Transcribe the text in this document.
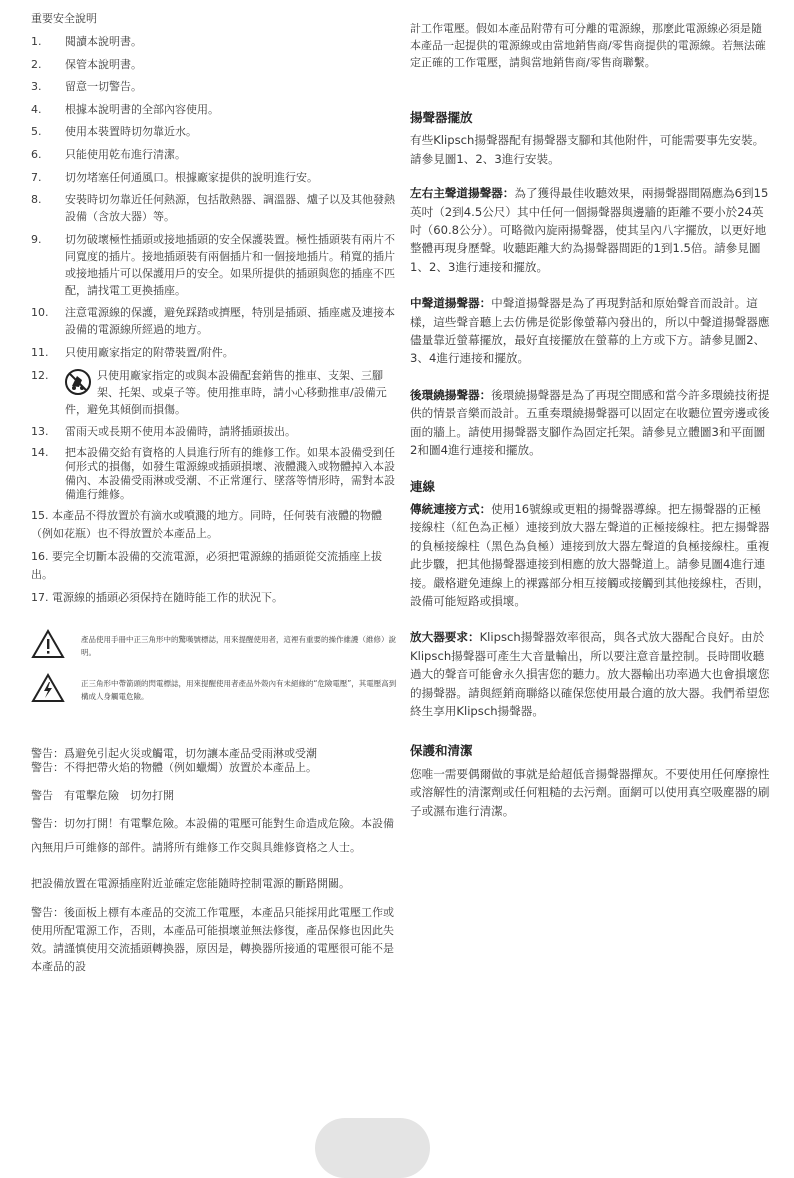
重要安全說明
1.	閱讀本說明書。
2.	保管本說明書。
3.	留意一切警告。
4.	根據本說明書的全部內容使用。
5.	使用本裝置時切勿靠近水。
6.	只能使用乾布進行清潔。
7.	切勿堵塞任何通風口。根據廠家提供的說明進行安。
8.	安裝時切勿靠近任何熱源，包括散熱器、調溫器、爐子以及其他發熱設備（含放大器）等。
9.	切勿破壞極性插頭或接地插頭的安全保護裝置。極性插頭裝有兩片不同寬度的插片。接地插頭裝有兩個插片和一個接地插片。稍寬的插片或接地插片可以保護用戶的安全。如果所提供的插頭與您的插座不匹配，請找電工更換插座。
10.	注意電源線的保護，避免踩踏或擠壓，特別是插頭、插座處及連接本設備的電源線所經過的地方。
11.	只使用廠家指定的附帶裝置/附件。
12.	只使用廠家指定的或與本設備配套銷售的推車、支架、三腳架、托架、或桌子等。使用推車時，請小心移動推車/設備元件，避免其傾倒而損傷。
13.	雷雨天或長期不使用本設備時，請將插頭拔出。
14.	把本設備交給有資格的人員進行所有的維修工作。如果本設備受到任何形式的損傷，如發生電源線或插頭損壞、液體濺入或物體掉入本設備內、本設備受雨淋或受潮、不正常運行、墜落等情形時，需對本設備進行維修。

15. 本產品不得放置於有滴水或噴濺的地方。同時，任何裝有液體的物體（例如花瓶）也不得放置於本產品上。

16. 要完全切斷本設備的交流電源，必須把電源線的插頭從交流插座上拔出。

17. 電源線的插頭必須保持在隨時能工作的狀況下。

產品使用手冊中正三角形中的驚嘆號標誌，用來提醒使用者，這裡有重要的操作維護（維修）說明。
正三角形中帶箭頭的閃電標誌，用來提醒使用者產品外殼內有未絕緣的“危險電壓”，其電壓高到構成人身觸電危險。

警告：爲避免引起火災或觸電，切勿讓本產品受雨淋或受潮

警告：不得把帶火焰的物體（例如蠟燭）放置於本產品上。

警告　有電擊危險　切勿打開

警告：切勿打開！有電擊危險。本設備的電壓可能對生命造成危險。本設備內無用戶可維修的部件。請將所有維修工作交與具維修資格之人士。

把設備放置在電源插座附近並確定您能隨時控制電源的斷路開關。

警告：後面板上標有本產品的交流工作電壓，本產品只能採用此電壓工作或使用所配電源工作，否則，本產品可能損壞並無法修復，產品保修也因此失效。請謹慎使用交流插頭轉換器，原因是，轉換器所接通的電壓很可能不是本產品的設

計工作電壓。假如本產品附帶有可分離的電源線，那麼此電源線必須是隨本產品一起提供的電源線或由當地銷售商/零售商提供的電源線。若無法確定正確的工作電壓，請與當地銷售商/零售商聯繫。

揚聲器擺放

有些Klipsch揚聲器配有揚聲器支腳和其他附件，可能需要事先安裝。請參見圖1、2、3進行安裝。

左右主聲道揚聲器：為了獲得最佳收聽效果，兩揚聲器間隔應為6到15英吋（2到4.5公尺）其中任何一個揚聲器與邊牆的距離不要小於24英吋（60.8公分）。可略微內旋兩揚聲器，使其呈內八字擺放，以更好地整體再現身歷聲。收聽距離大約為揚聲器間距的1到1.5倍。請參見圖1、2、3進行連接和擺放。

中聲道揚聲器：中聲道揚聲器是為了再現對話和原始聲音而設計。這樣，這些聲音聽上去仿佛是從影像螢幕內發出的，所以中聲道揚聲器應儘量靠近螢幕擺放，最好直接擺放在螢幕的上方或下方。請參見圖2、3、4進行連接和擺放。

後環繞揚聲器：後環繞揚聲器是為了再現空間感和當今許多環繞技術提供的情景音樂而設計。五重奏環繞揚聲器可以固定在收聽位置旁邊或後面的牆上。請使用揚聲器支腳作為固定托架。請參見立體圖3和平面圖2和圖4進行連接和擺放。

連線

傳統連接方式：使用16號線或更粗的揚聲器導線。把左揚聲器的正極接線柱（紅色為正極）連接到放大器左聲道的正極接線柱。把左揚聲器的負極接線柱（黑色為負極）連接到放大器左聲道的負極接線柱。重複此步驟，把其他揚聲器連接到相應的放大器聲道上。請參見圖4進行連接。嚴格避免連線上的裸露部分相互接觸或接觸到其他接線柱，否則，設備可能短路或損壞。

放大器要求：Klipsch揚聲器效率很高，與各式放大器配合良好。由於Klipsch揚聲器可產生大音量輸出，所以要注意音量控制。長時間收聽過大的聲音可能會永久損害您的聽力。放大器輸出功率過大也會損壞您的揚聲器。請與經銷商聯絡以確保您使用最合適的放大器。我們希望您終生享用Klipsch揚聲器。

保護和清潔

您唯一需要偶爾做的事就是給超低音揚聲器撣灰。不要使用任何摩擦性或溶解性的清潔劑或任何粗糙的去污劑。面網可以使用真空吸塵器的刷子或濕布進行清潔。
